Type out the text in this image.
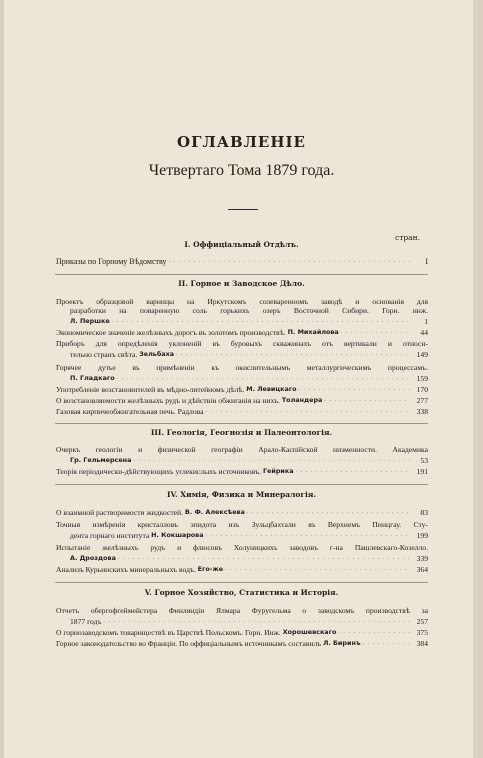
ОГЛАВЛЕНІЕ
Четвертаго Тома 1879 года.
стран.
I. Оффиціальный Отдѣлъ.
Приказы по Горному Вѣдомству . . .	I
II. Горное и Заводское Дѣло.
Проектъ образцовой варницы на Иркутскомъ солеваренномъ заводѣ и основанія для
разработки на поваренную соль горькихъ озеръ Восточной Сибири. Горн. инж.
Л. Першке . . .	1
Экономическое значеніе желѣзныхъ дорогъ въ золотомъ производствѣ.
П. Михайлова . . .	44
Приборъ для опредѣленія уклоненій въ буровыхъ скважинахъ отъ вертикали и относи-
тельно странъ свѣта.
Зельбаха . . .	149
Горячее дутье въ примѣненіи къ окислительнымъ металлургическимъ процессамъ.
П. Гладкаго . . .	159
Употребленіе возстановителей въ мѣдно-литейномъ дѣлѣ.
М. Левицкаго . . .	170
О возстановляемости желѣзныхъ рудъ и дѣйствіи обжиганія на нихъ.
Толандера . . .	277
Газовая кирпичеобжигательная печь. Радлова . . .	338
III. Геологія, Геогнозія и Палеонтологія.
Очеркъ геологіи и физической географіи Арало-Каспійской низменности. Академика
Гр. Гельмерсена . . .	53
Теорія періодически-дѣйствующихъ углекислыхъ источниковъ.
Гейрика . . .	191
IV. Химія, Физика и Минералогія.
О взаимной растворимости жидкостей.
В. Ф. Алексѣева . . .	83
Точныя измѣренія кристалловъ эпидота изъ Зульцбахтали въ Верхнемъ Пинцгау. Сту-
дента горнаго института
Н. Кокшарова . . .	199
Испытаніе желѣзныхъ рудъ и флюсовъ Холуницкихъ заводовъ г-на Пашлевскаго-Козелло.
А. Дроздова . . .	339
Анализъ Курьинскихъ минеральныхъ водъ.
Его-же . . .	364
V. Горное Хозяйство, Статистика и Исторія.
Отчетъ обергофгеймейстера Финляндіи Ялмара Фуругельма о заводскомъ производствѣ за
1877 годъ . . .	257
О горнозаводскомъ товариществѣ въ Царствѣ Польскомъ. Горн. Инж.
Хорошевскаго . . .	375
Горное законодательство во Франціи. По оффиціальнымъ источникамъ составилъ
Л. Биринъ . . .	384
